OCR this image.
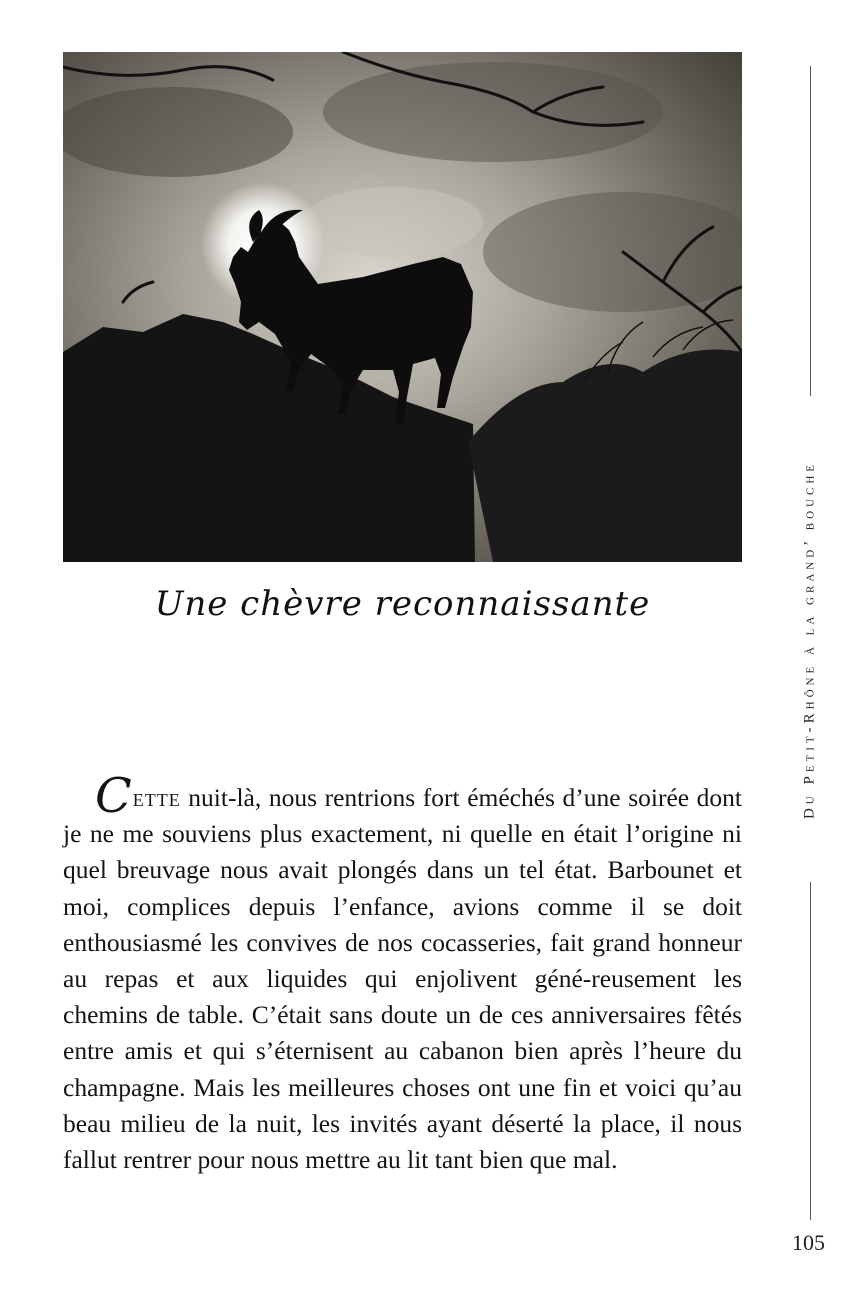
Une chèvre reconnaissante

Cette nuit-là, nous rentrions fort éméchés d’une soirée dont je ne me souviens plus exactement, ni quelle en était l’origine ni quel breuvage nous avait plongés dans un tel état. Barbounet et moi, complices depuis l’enfance, avions comme il se doit enthousiasmé les convives de nos cocasseries, fait grand honneur au repas et aux liquides qui enjolivent géné-reusement les chemins de table. C’était sans doute un de ces anniversaires fêtés entre amis et qui s’éternisent au cabanon bien après l’heure du champagne. Mais les meilleures choses ont une fin et voici qu’au beau milieu de la nuit, les invités ayant déserté la place, il nous fallut rentrer pour nous mettre au lit tant bien que mal.

Du Petit-Rhône à la grand’ bouche
105
